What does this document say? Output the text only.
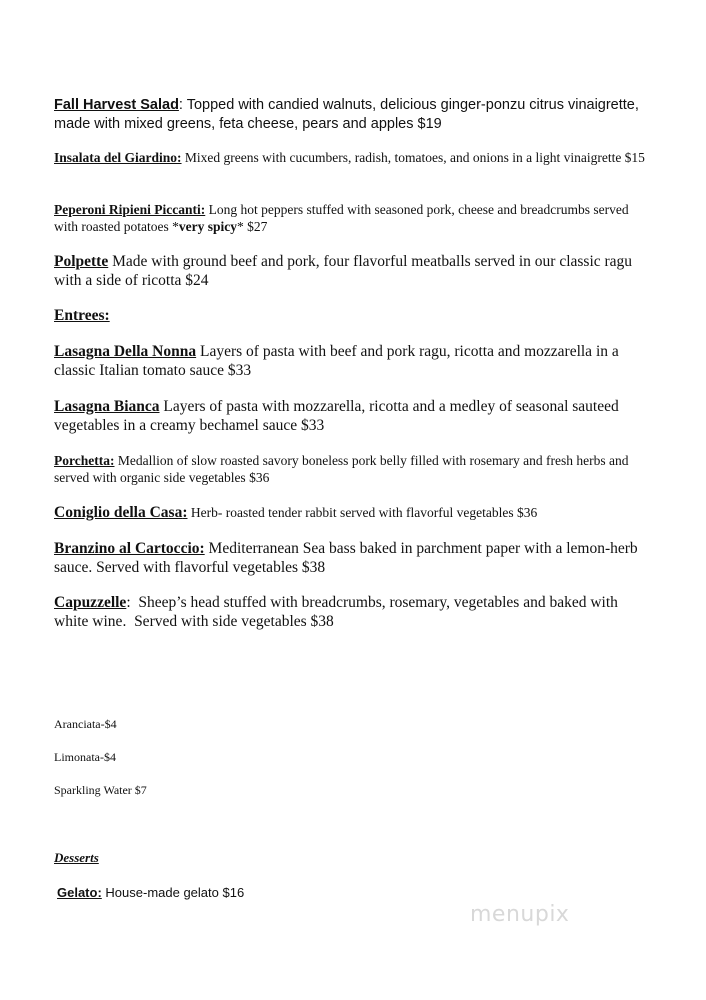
Fall Harvest Salad: Topped with candied walnuts, delicious ginger-ponzu citrus vinaigrette, made with mixed greens, feta cheese, pears and apples $19
Insalata del Giardino: Mixed greens with cucumbers, radish, tomatoes, and onions in a light vinaigrette $15
Peperoni Ripieni Piccanti: Long hot peppers stuffed with seasoned pork, cheese and breadcrumbs served with roasted potatoes *very spicy* $27
Polpette Made with ground beef and pork, four flavorful meatballs served in our classic ragu with a side of ricotta $24
Entrees:
Lasagna Della Nonna Layers of pasta with beef and pork ragu, ricotta and mozzarella in a classic Italian tomato sauce $33
Lasagna Bianca Layers of pasta with mozzarella, ricotta and a medley of seasonal sauteed vegetables in a creamy bechamel sauce $33
Porchetta: Medallion of slow roasted savory boneless pork belly filled with rosemary and fresh herbs and served with organic side vegetables $36
Coniglio della Casa: Herb- roasted tender rabbit served with flavorful vegetables $36
Branzino al Cartoccio: Mediterranean Sea bass baked in parchment paper with a lemon-herb sauce. Served with flavorful vegetables $38
Capuzzelle:  Sheep’s head stuffed with breadcrumbs, rosemary, vegetables and baked with white wine.  Served with side vegetables $38
Aranciata-$4
Limonata-$4
Sparkling Water $7
Desserts
Gelato: House-made gelato $16
menupix
